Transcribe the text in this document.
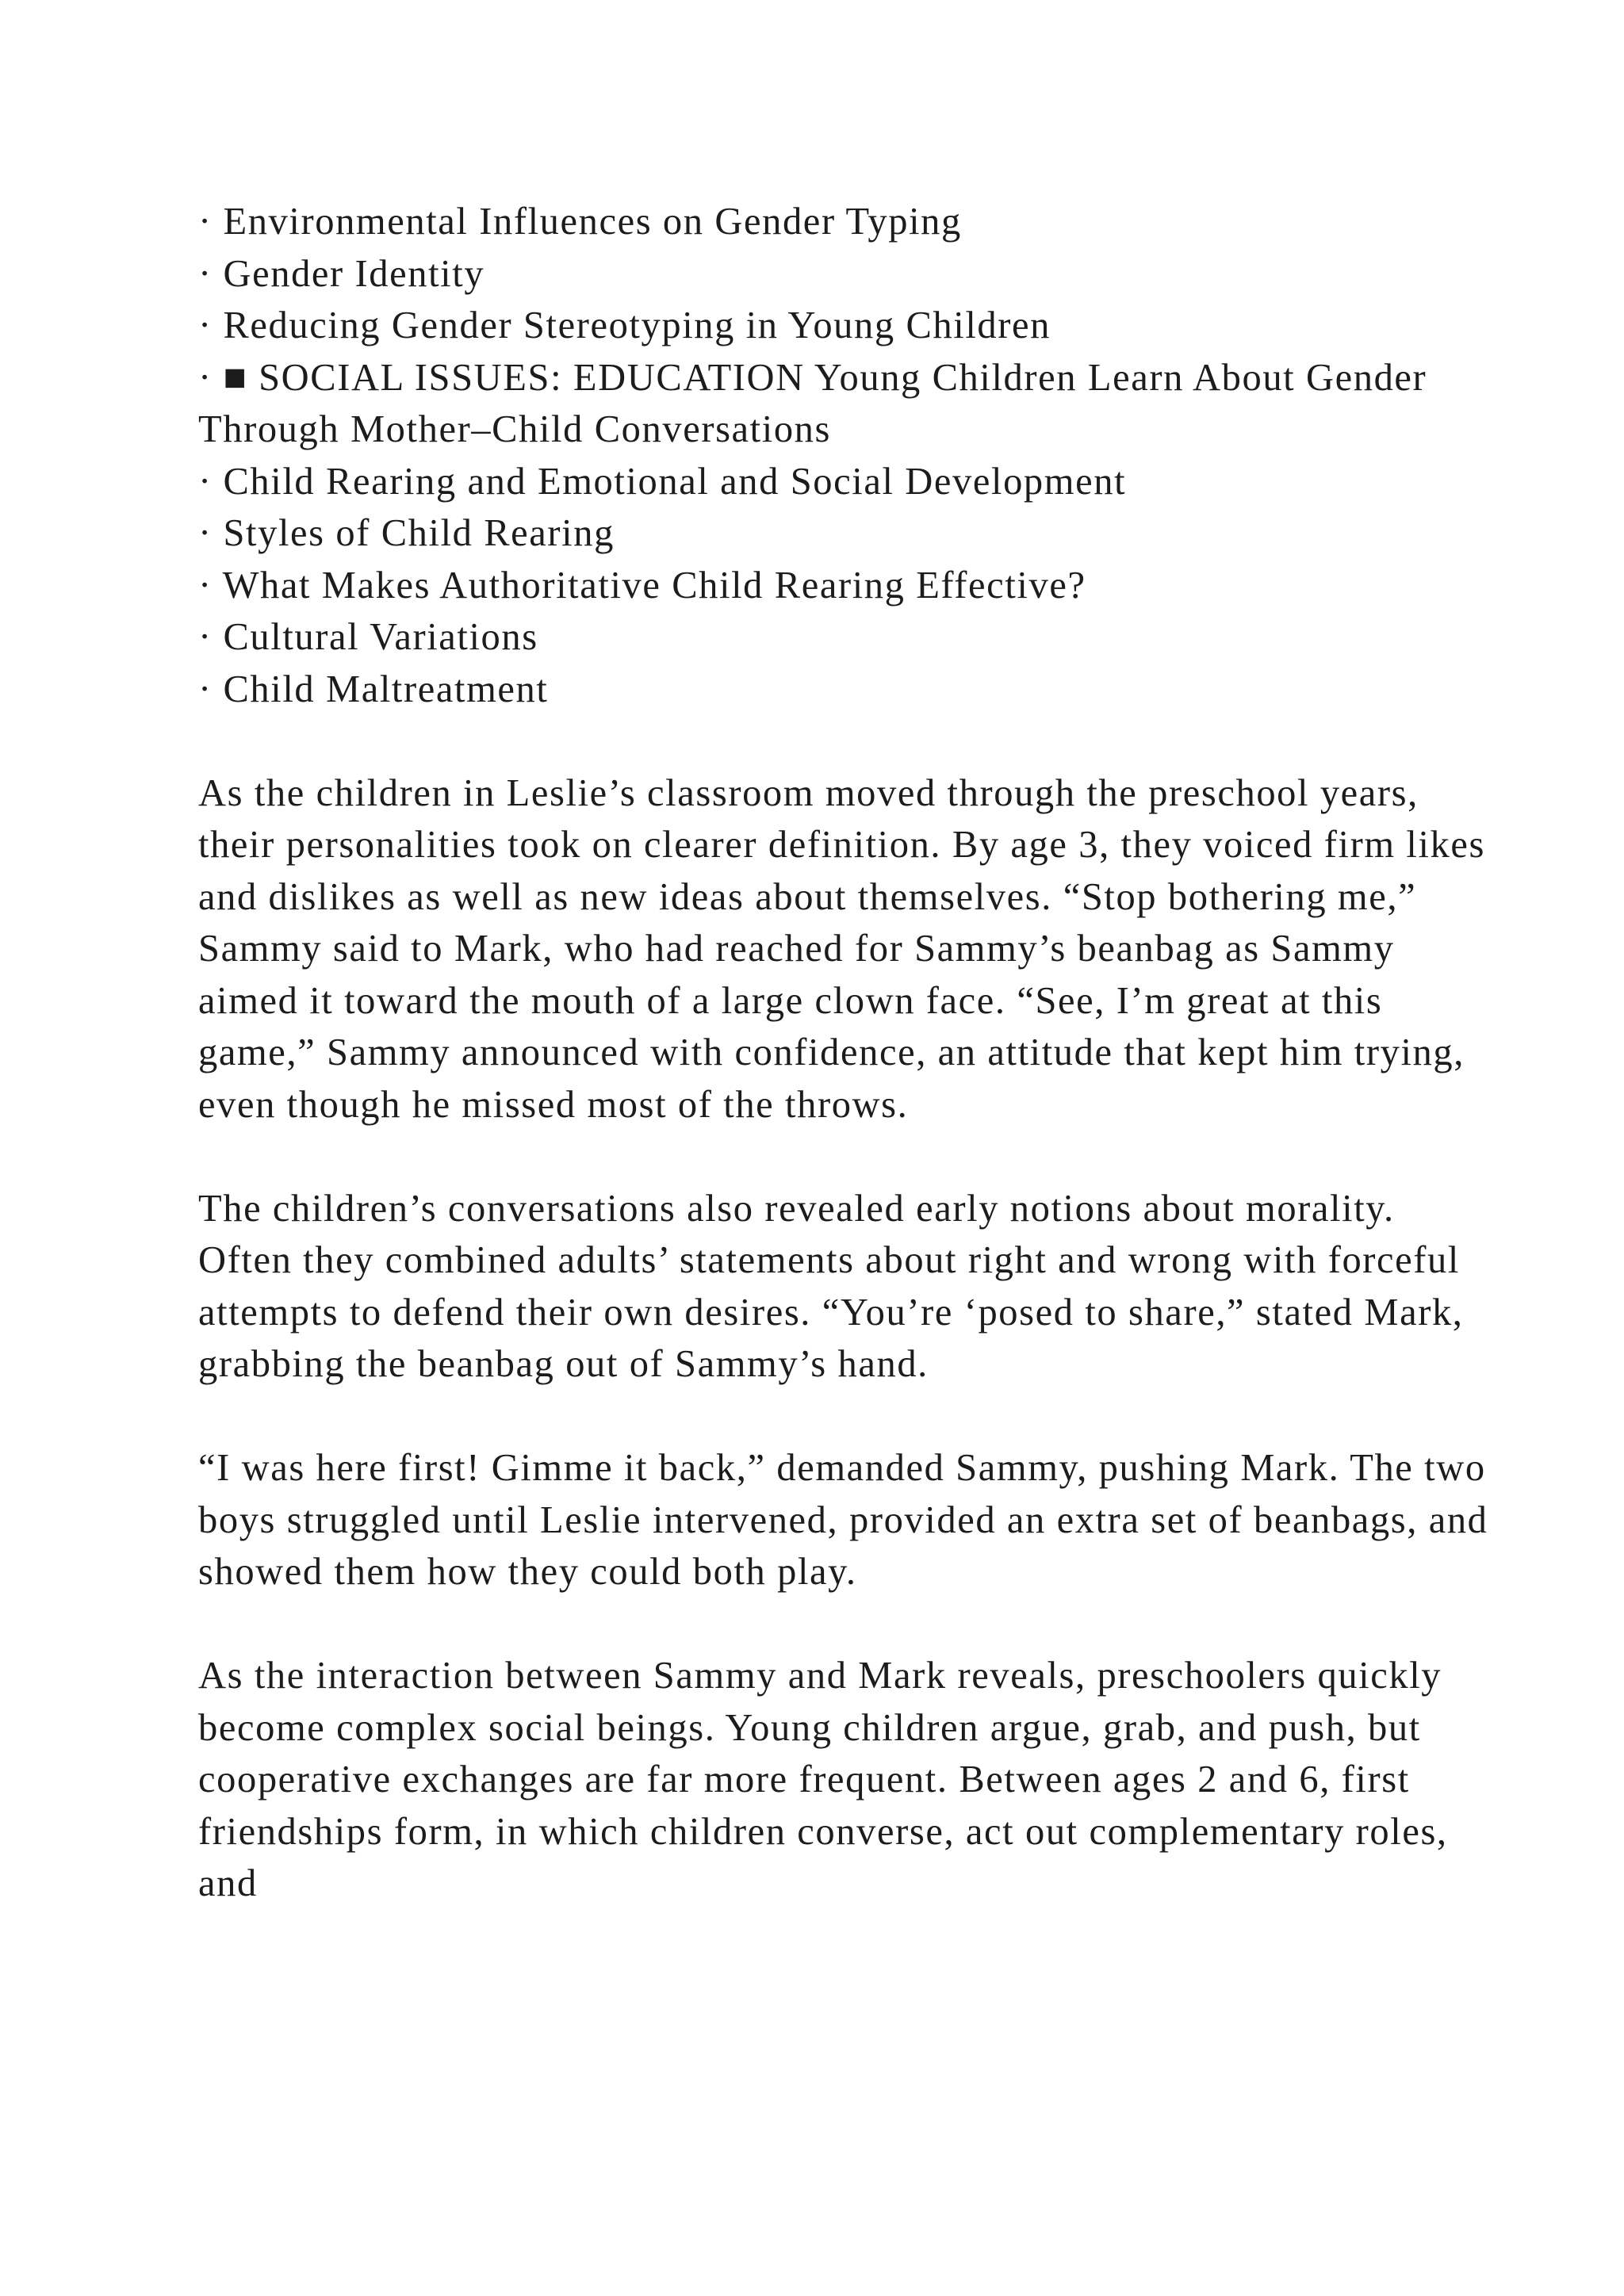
· Environmental Influences on Gender Typing
· Gender Identity
· Reducing Gender Stereotyping in Young Children
· ■ SOCIAL ISSUES: EDUCATION Young Children Learn About Gender Through Mother–Child Conversations
· Child Rearing and Emotional and Social Development
· Styles of Child Rearing
· What Makes Authoritative Child Rearing Effective?
· Cultural Variations
· Child Maltreatment

As the children in Leslie’s classroom moved through the preschool years, their personalities took on clearer definition. By age 3, they voiced firm likes and dislikes as well as new ideas about themselves. “Stop bothering me,” Sammy said to Mark, who had reached for Sammy’s beanbag as Sammy aimed it toward the mouth of a large clown face. “See, I’m great at this game,” Sammy announced with confidence, an attitude that kept him trying, even though he missed most of the throws.

The children’s conversations also revealed early notions about morality. Often they combined adults’ statements about right and wrong with forceful attempts to defend their own desires. “You’re ‘posed to share,” stated Mark, grabbing the beanbag out of Sammy’s hand.

“I was here first! Gimme it back,” demanded Sammy, pushing Mark. The two boys struggled until Leslie intervened, provided an extra set of beanbags, and showed them how they could both play.

As the interaction between Sammy and Mark reveals, preschoolers quickly become complex social beings. Young children argue, grab, and push, but cooperative exchanges are far more frequent. Between ages 2 and 6, first friendships form, in which children converse, act out complementary roles, and
